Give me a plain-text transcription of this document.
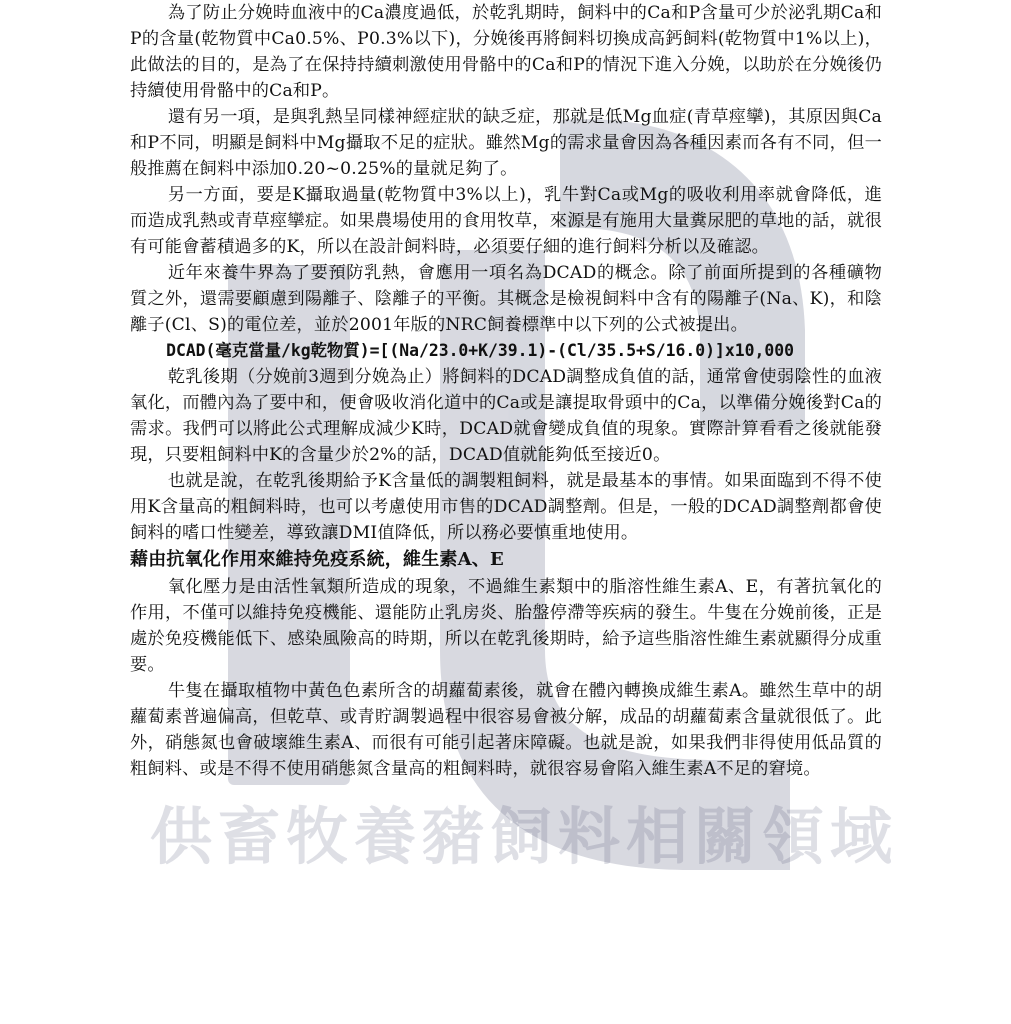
供畜牧養豬飼料相關領域

為了防止分娩時血液中的Ca濃度過低，於乾乳期時，飼料中的Ca和P含量可少於泌乳期Ca和P的含量(乾物質中Ca0.5%、P0.3%以下)，分娩後再將飼料切換成高鈣飼料(乾物質中1%以上)，此做法的目的，是為了在保持持續刺激使用骨骼中的Ca和P的情況下進入分娩，以助於在分娩後仍持續使用骨骼中的Ca和P。

還有另一項，是與乳熱呈同樣神經症狀的缺乏症，那就是低Mg血症(青草痙攣)，其原因與Ca和P不同，明顯是飼料中Mg攝取不足的症狀。雖然Mg的需求量會因為各種因素而各有不同，但一般推薦在飼料中添加0.20~0.25%的量就足夠了。

另一方面，要是K攝取過量(乾物質中3%以上)，乳牛對Ca或Mg的吸收利用率就會降低，進而造成乳熱或青草痙攣症。如果農場使用的食用牧草，來源是有施用大量糞尿肥的草地的話，就很有可能會蓄積過多的K，所以在設計飼料時，必須要仔細的進行飼料分析以及確認。

近年來養牛界為了要預防乳熱，會應用一項名為DCAD的概念。除了前面所提到的各種礦物質之外，還需要顧慮到陽離子、陰離子的平衡。其概念是檢視飼料中含有的陽離子(Na、K)，和陰離子(Cl、S)的電位差，並於2001年版的NRC飼養標準中以下列的公式被提出。

DCAD(毫克當量/kg乾物質)=[(Na/23.0+K/39.1)-(Cl/35.5+S/16.0)]x10,000

乾乳後期（分娩前3週到分娩為止）將飼料的DCAD調整成負值的話，通常會使弱陰性的血液氧化，而體內為了要中和，便會吸收消化道中的Ca或是讓提取骨頭中的Ca，以準備分娩後對Ca的需求。我們可以將此公式理解成減少K時，DCAD就會變成負值的現象。實際計算看看之後就能發現，只要粗飼料中K的含量少於2%的話，DCAD值就能夠低至接近0。

也就是說，在乾乳後期給予K含量低的調製粗飼料，就是最基本的事情。如果面臨到不得不使用K含量高的粗飼料時，也可以考慮使用市售的DCAD調整劑。但是，一般的DCAD調整劑都會使飼料的嗜口性變差，導致讓DMI值降低，所以務必要慎重地使用。

藉由抗氧化作用來維持免疫系統，維生素A、E

氧化壓力是由活性氧類所造成的現象，不過維生素類中的脂溶性維生素A、E，有著抗氧化的作用，不僅可以維持免疫機能、還能防止乳房炎、胎盤停滯等疾病的發生。牛隻在分娩前後，正是處於免疫機能低下、感染風險高的時期，所以在乾乳後期時，給予這些脂溶性維生素就顯得分成重要。

牛隻在攝取植物中黃色色素所含的胡蘿蔔素後，就會在體內轉換成維生素A。雖然生草中的胡蘿蔔素普遍偏高，但乾草、或青貯調製過程中很容易會被分解，成品的胡蘿蔔素含量就很低了。此外，硝態氮也會破壞維生素A、而很有可能引起著床障礙。也就是說，如果我們非得使用低品質的粗飼料、或是不得不使用硝態氮含量高的粗飼料時，就很容易會陷入維生素A不足的窘境。
